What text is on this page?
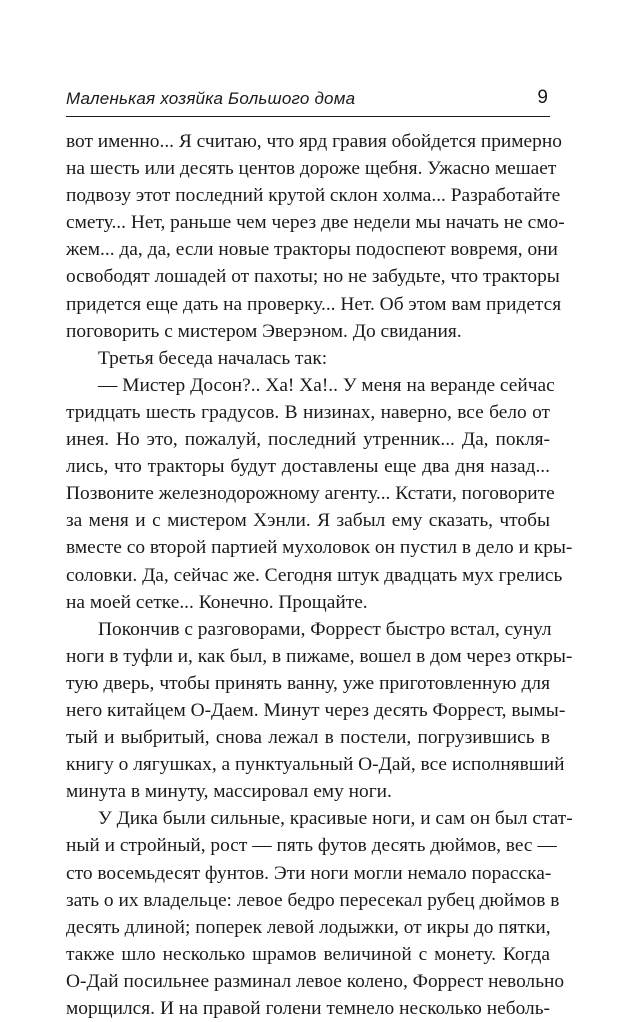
Маленькая хозяйка Большого дома	9
вот именно... Я считаю, что ярд гравия обойдется примерно
на шесть или десять центов дороже щебня. Ужасно мешает
подвозу этот последний крутой склон холма... Разработайте
смету... Нет, раньше чем через две недели мы начать не смо-
жем... да, да, если новые тракторы подоспеют вовремя, они
освободят лошадей от пахоты; но не забудьте, что тракторы
придется еще дать на проверку... Нет. Об этом вам придется
поговорить с мистером Эверэном. До свидания.
Третья беседа началась так:
— Мистер Досон?.. Ха! Ха!.. У меня на веранде сейчас
тридцать шесть градусов. В низинах, наверно, все бело от
инея. Но это, пожалуй, последний утренник... Да, покля-
лись, что тракторы будут доставлены еще два дня назад...
Позвоните железнодорожному агенту... Кстати, поговорите
за меня и с мистером Хэнли. Я забыл ему сказать, чтобы
вместе со второй партией мухоловок он пустил в дело и кры-
соловки. Да, сейчас же. Сегодня штук двадцать мух грелись
на моей сетке... Конечно. Прощайте.
Покончив с разговорами, Форрест быстро встал, сунул
ноги в туфли и, как был, в пижаме, вошел в дом через откры-
тую дверь, чтобы принять ванну, уже приготовленную для
него китайцем О-Даем. Минут через десять Форрест, вымы-
тый и выбритый, снова лежал в постели, погрузившись в
книгу о лягушках, а пунктуальный О-Дай, все исполнявший
минута в минуту, массировал ему ноги.
У Дика были сильные, красивые ноги, и сам он был стат-
ный и стройный, рост — пять футов десять дюймов, вес —
сто восемьдесят фунтов. Эти ноги могли немало порасска-
зать о их владельце: левое бедро пересекал рубец дюймов в
десять длиной; поперек левой лодыжки, от икры до пятки,
также шло несколько шрамов величиной с монету. Когда
О-Дай посильнее разминал левое колено, Форрест невольно
морщился. И на правой голени темнело несколько неболь-
